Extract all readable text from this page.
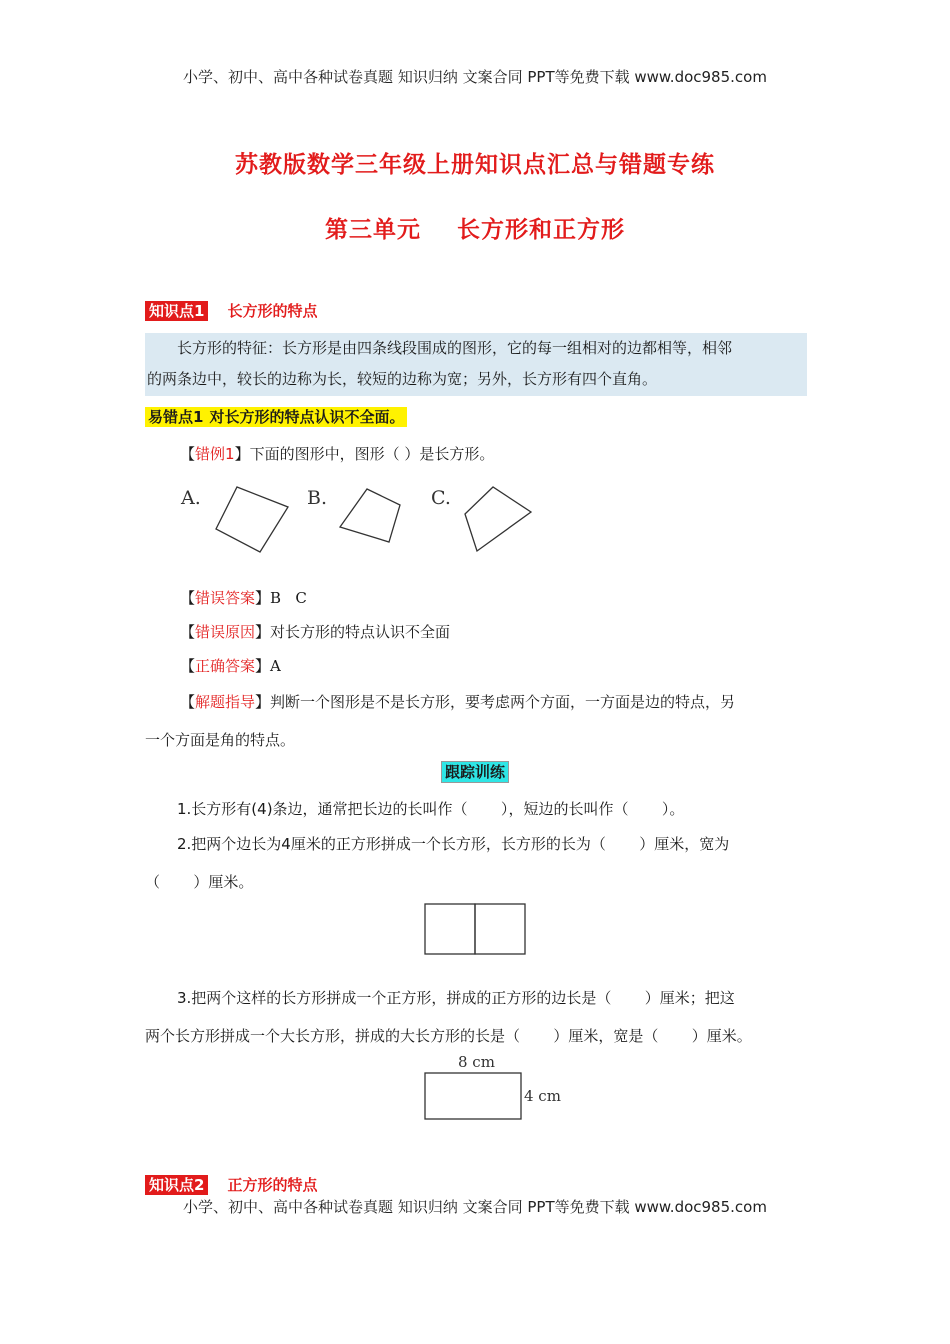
小学、初中、高中各种试卷真题 知识归纳 文案合同 PPT等免费下载 www.doc985.com
苏教版数学三年级上册知识点汇总与错题专练
第三单元    长方形和正方形
知识点1 长方形的特点
长方形的特征：长方形是由四条线段围成的图形，它的每一组相对的边都相等，相邻
的两条边中，较长的边称为长，较短的边称为宽；另外，长方形有四个直角。
易错点1 对长方形的特点认识不全面。
【错例1】下面的图形中，图形（ ）是长方形。
A.	B.	C.
【错误答案】B   C
【错误原因】对长方形的特点认识不全面
【正确答案】A
【解题指导】判断一个图形是不是长方形，要考虑两个方面，一方面是边的特点，另
一个方面是角的特点。
跟踪训练
1.长方形有(4)条边，通常把长边的长叫作（       ），短边的长叫作（       ）。
2.把两个边长为4厘米的正方形拼成一个长方形，长方形的长为（       ）厘米，宽为
（       ）厘米。
3.把两个这样的长方形拼成一个正方形，拼成的正方形的边长是（       ）厘米；把这
两个长方形拼成一个大长方形，拼成的大长方形的长是（       ）厘米，宽是（       ）厘米。
8 cm
4 cm
知识点2 正方形的特点
小学、初中、高中各种试卷真题 知识归纳 文案合同 PPT等免费下载 www.doc985.com
